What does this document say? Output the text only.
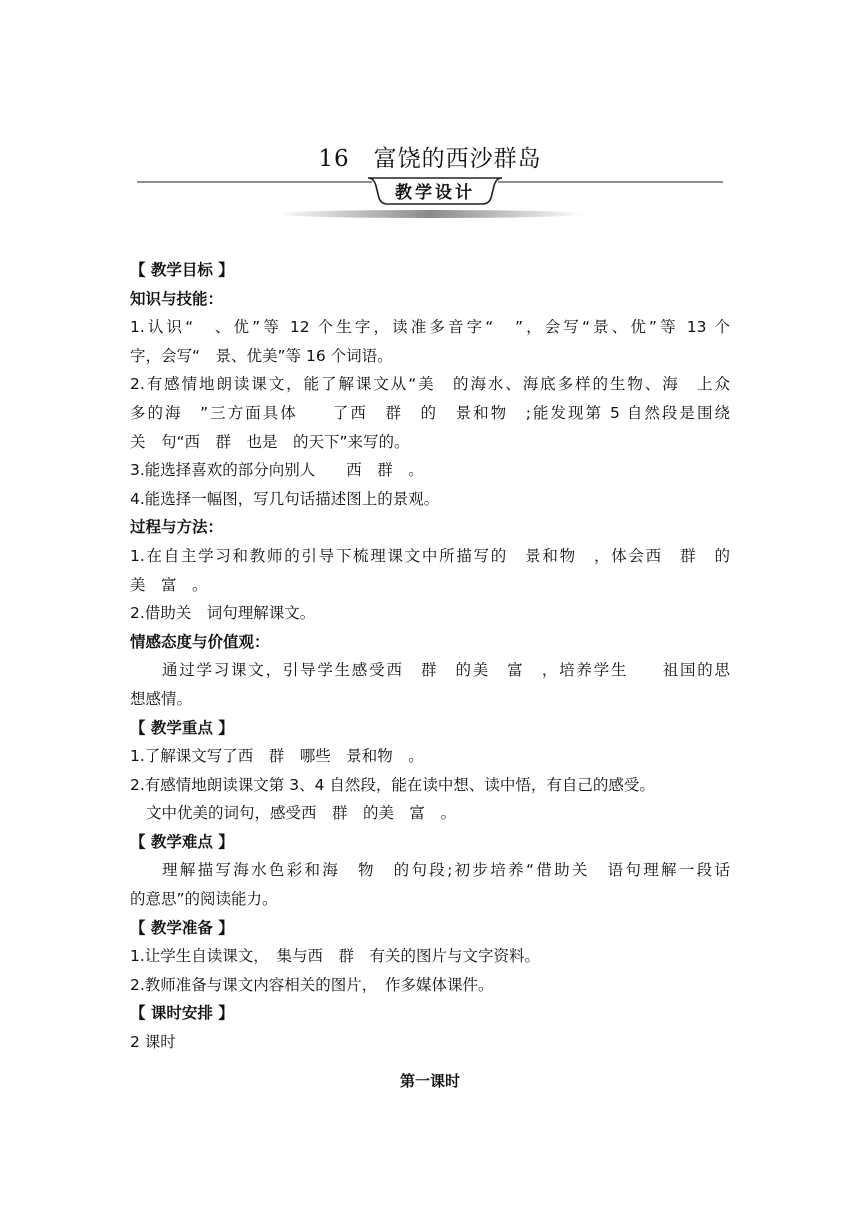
16　富饶的西沙群岛
教学设计
【 教学目标 】
知识与技能：
1.认识“　、优”等 12 个生字，读准多音字“　”，会写“景、优”等 13 个
字，会写“　景、优美”等 16 个词语。
2.有感情地朗读课文，能了解课文从“美　的海水、海底多样的生物、海　上众
多的海　”三方面具体　　了西　群　的　景和物　;能发现第 5 自然段是围绕
关　句“西　群　也是　的天下”来写的。
3.能选择喜欢的部分向别人　　西　群　。
4.能选择一幅图，写几句话描述图上的景观。
过程与方法：
1.在自主学习和教师的引导下梳理课文中所描写的　景和物　，体会西　群　的
美　富　。
2.借助关　词句理解课文。
情感态度与价值观：
通过学习课文，引导学生感受西　群　的美　富　，培养学生　　祖国的思
想感情。
【 教学重点 】
1.了解课文写了西　群　哪些　景和物　。
2.有感情地朗读课文第 3、4 自然段，能在读中想、读中悟，有自己的感受。
文中优美的词句，感受西　群　的美　富　。
【 教学难点 】
理解描写海水色彩和海　物　的句段;初步培养“借助关　语句理解一段话
的意思”的阅读能力。
【 教学准备 】
1.让学生自读课文，　集与西　群　有关的图片与文字资料。
2.教师准备与课文内容相关的图片，　作多媒体课件。
【 课时安排 】
2 课时
第一课时
